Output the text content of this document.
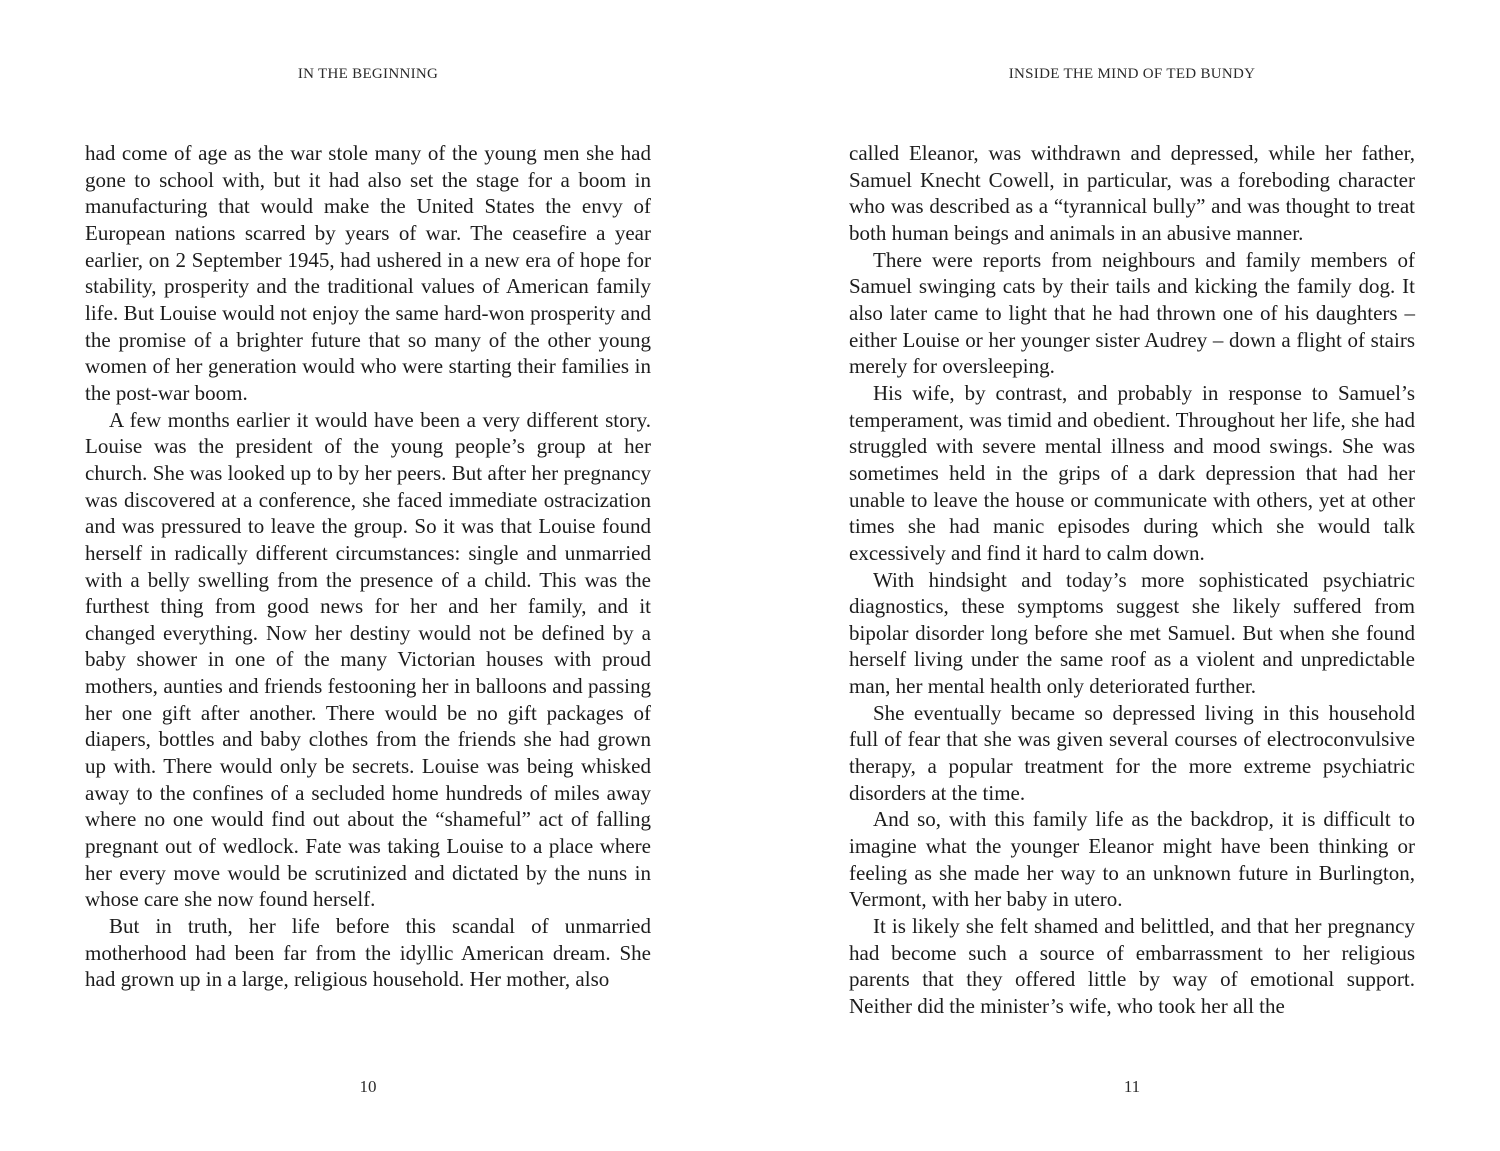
IN THE BEGINNING

had come of age as the war stole many of the young men she had gone to school with, but it had also set the stage for a boom in manufacturing that would make the United States the envy of European nations scarred by years of war. The ceasefire a year earlier, on 2 September 1945, had ushered in a new era of hope for stability, prosperity and the traditional values of American family life. But Louise would not enjoy the same hard-won prosperity and the promise of a brighter future that so many of the other young women of her generation would who were starting their families in the post-war boom.

A few months earlier it would have been a very different story. Louise was the president of the young people’s group at her church. She was looked up to by her peers. But after her pregnancy was discovered at a conference, she faced immediate ostracization and was pressured to leave the group. So it was that Louise found herself in radically different circumstances: single and unmarried with a belly swelling from the presence of a child. This was the furthest thing from good news for her and her family, and it changed everything. Now her destiny would not be defined by a baby shower in one of the many Victorian houses with proud mothers, aunties and friends festooning her in balloons and passing her one gift after another. There would be no gift packages of diapers, bottles and baby clothes from the friends she had grown up with. There would only be secrets. Louise was being whisked away to the confines of a secluded home hundreds of miles away where no one would find out about the “shameful” act of falling pregnant out of wedlock. Fate was taking Louise to a place where her every move would be scrutinized and dictated by the nuns in whose care she now found herself.

But in truth, her life before this scandal of unmarried motherhood had been far from the idyllic American dream. She had grown up in a large, religious household. Her mother, also

10
INSIDE THE MIND OF TED BUNDY

called Eleanor, was withdrawn and depressed, while her father, Samuel Knecht Cowell, in particular, was a foreboding character who was described as a “tyrannical bully” and was thought to treat both human beings and animals in an abusive manner.

There were reports from neighbours and family members of Samuel swinging cats by their tails and kicking the family dog. It also later came to light that he had thrown one of his daughters – either Louise or her younger sister Audrey – down a flight of stairs merely for oversleeping.

His wife, by contrast, and probably in response to Samuel’s temperament, was timid and obedient. Throughout her life, she had struggled with severe mental illness and mood swings. She was sometimes held in the grips of a dark depression that had her unable to leave the house or communicate with others, yet at other times she had manic episodes during which she would talk excessively and find it hard to calm down.

With hindsight and today’s more sophisticated psychiatric diagnostics, these symptoms suggest she likely suffered from bipolar disorder long before she met Samuel. But when she found herself living under the same roof as a violent and unpredictable man, her mental health only deteriorated further.

She eventually became so depressed living in this household full of fear that she was given several courses of electroconvulsive therapy, a popular treatment for the more extreme psychiatric disorders at the time.

And so, with this family life as the backdrop, it is difficult to imagine what the younger Eleanor might have been thinking or feeling as she made her way to an unknown future in Burlington, Vermont, with her baby in utero.

It is likely she felt shamed and belittled, and that her pregnancy had become such a source of embarrassment to her religious parents that they offered little by way of emotional support. Neither did the minister’s wife, who took her all the

11
